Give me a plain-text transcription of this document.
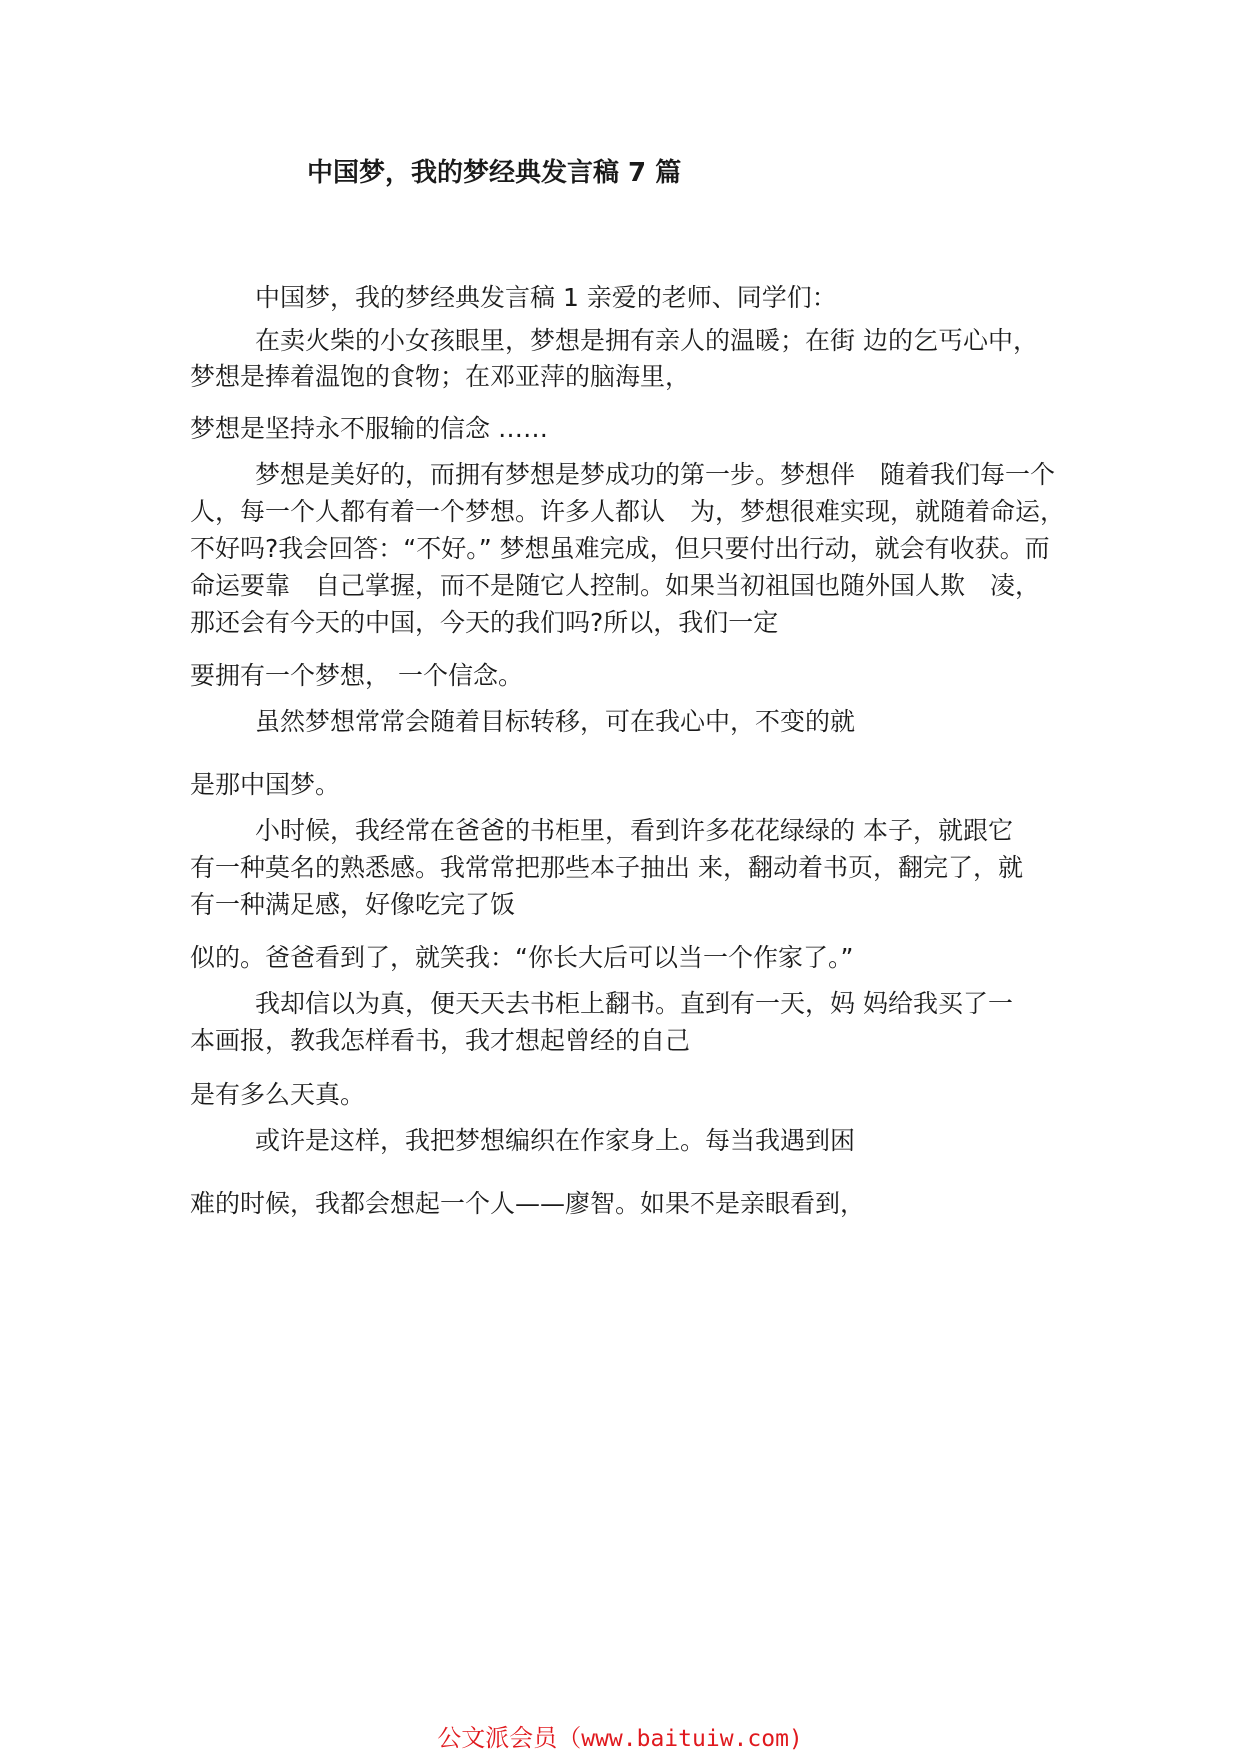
中国梦，我的梦经典发言稿 7 篇
中国梦，我的梦经典发言稿 1 亲爱的老师、同学们：
在卖火柴的小女孩眼里，梦想是拥有亲人的温暖；在街 边的乞丐心中，
梦想是捧着温饱的食物；在邓亚萍的脑海里，
梦想是坚持永不服输的信念 ……
梦想是美好的，而拥有梦想是梦成功的第一步。梦想伴　随着我们每一个
人，每一个人都有着一个梦想。许多人都认　为，梦想很难实现，就随着命运，
不好吗?我会回答：“不好。” 梦想虽难完成，但只要付出行动，就会有收获。而
命运要靠　自己掌握，而不是随它人控制。如果当初祖国也随外国人欺　凌，
那还会有今天的中国，今天的我们吗?所以，我们一定
要拥有一个梦想， 一个信念。
虽然梦想常常会随着目标转移，可在我心中，不变的就
是那中国梦。
小时候，我经常在爸爸的书柜里，看到许多花花绿绿的 本子，就跟它
有一种莫名的熟悉感。我常常把那些本子抽出 来，翻动着书页，翻完了，就
有一种满足感，好像吃完了饭
似的。爸爸看到了，就笑我：“你长大后可以当一个作家了。”
我却信以为真，便天天去书柜上翻书。直到有一天，妈 妈给我买了一
本画报，教我怎样看书，我才想起曾经的自己
是有多么天真。
或许是这样，我把梦想编织在作家身上。每当我遇到困
难的时候，我都会想起一个人——廖智。如果不是亲眼看到，
公文派会员（www.baituiw.com)
